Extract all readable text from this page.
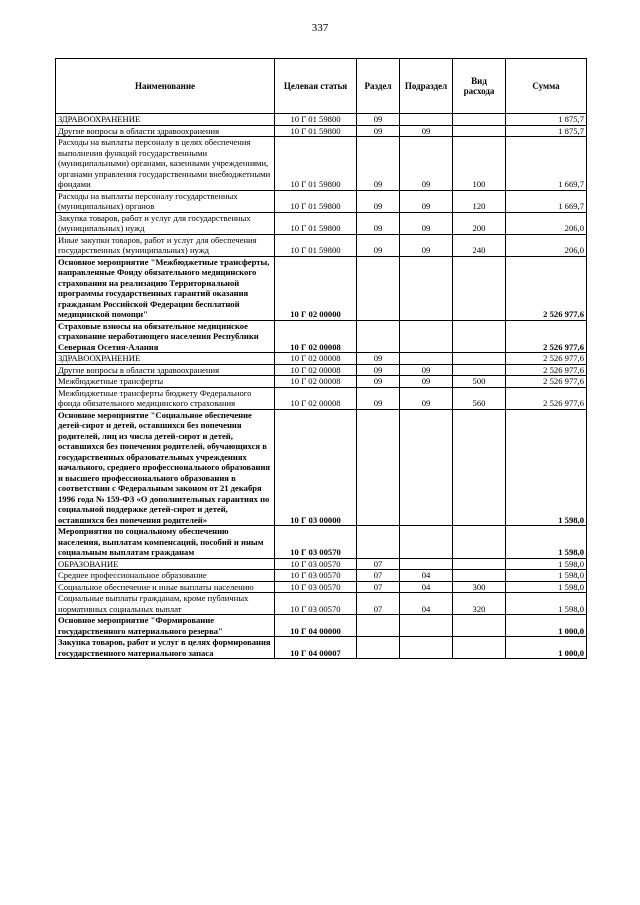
337
Наименование	Целевая статья	Раздел	Подраздел	Вид расхода	Сумма
ЗДРАВООХРАНЕНИЕ	10 Г 01 59800	09			1 875,7
Другие вопросы в области здравоохранения	10 Г 01 59800	09	09		1 875,7
Расходы на выплаты персоналу в целях обеспечения выполнения функций государственными (муниципальными) органами, казенными учреждениями, органами управления государственными внебюджетными фондами	10 Г 01 59800	09	09	100	1 669,7
Расходы на выплаты персоналу государственных (муниципальных) органов	10 Г 01 59800	09	09	120	1 669,7
Закупка товаров, работ и услуг для государственных (муниципальных) нужд	10 Г 01 59800	09	09	200	206,0
Иные закупки товаров, работ и услуг для обеспечения государственных (муниципальных) нужд	10 Г 01 59800	09	09	240	206,0
Основное мероприятие "Межбюджетные трансферты, направленные Фонду обязательного медицинского страхования на реализацию Территориальной программы государственных гарантий оказания гражданам Российской Федерации бесплатной медицинской помощи"	10 Г 02 00000				2 526 977,6
Страховые взносы на обязательное медицинское страхование неработающего населения Республики Северная Осетия-Алания	10 Г 02 00008				2 526 977,6
ЗДРАВООХРАНЕНИЕ	10 Г 02 00008	09			2 526 977,6
Другие вопросы в области здравоохранения	10 Г 02 00008	09	09		2 526 977,6
Межбюджетные трансферты	10 Г 02 00008	09	09	500	2 526 977,6
Межбюджетные трансферты бюджету Федерального фонда обязательного медицинского страхования	10 Г 02 00008	09	09	560	2 526 977,6
Основное мероприятие "Социальное обеспечение детей-сирот и детей, оставшихся без попечения родителей, лиц из числа детей-сирот и детей, оставшихся без попечения родителей, обучающихся в государственных образовательных учреждениях начального, среднего профессионального образования и высшего профессионального образования в соответствии с Федеральным законом от 21 декабря 1996 года № 159-ФЗ «О дополнительных гарантиях по социальной поддержке детей-сирот и детей, оставшихся без попечения родителей»	10 Г 03 00000				1 598,0
Мероприятия по социальному обеспечению населения, выплатам компенсаций, пособий и иным социальным выплатам гражданам	10 Г 03 00570				1 598,0
ОБРАЗОВАНИЕ	10 Г 03 00570	07			1 598,0
Среднее профессиональное образование	10 Г 03 00570	07	04		1 598,0
Социальное обеспечение и иные выплаты населению	10 Г 03 00570	07	04	300	1 598,0
Социальные выплаты гражданам, кроме публичных нормативных социальных выплат	10 Г 03 00570	07	04	320	1 598,0
Основное мероприятие "Формирование государственного материального резерва"	10 Г 04 00000				1 000,0
Закупка товаров, работ и услуг в целях формирования государственного материального запаса	10 Г 04 00007				1 000,0
